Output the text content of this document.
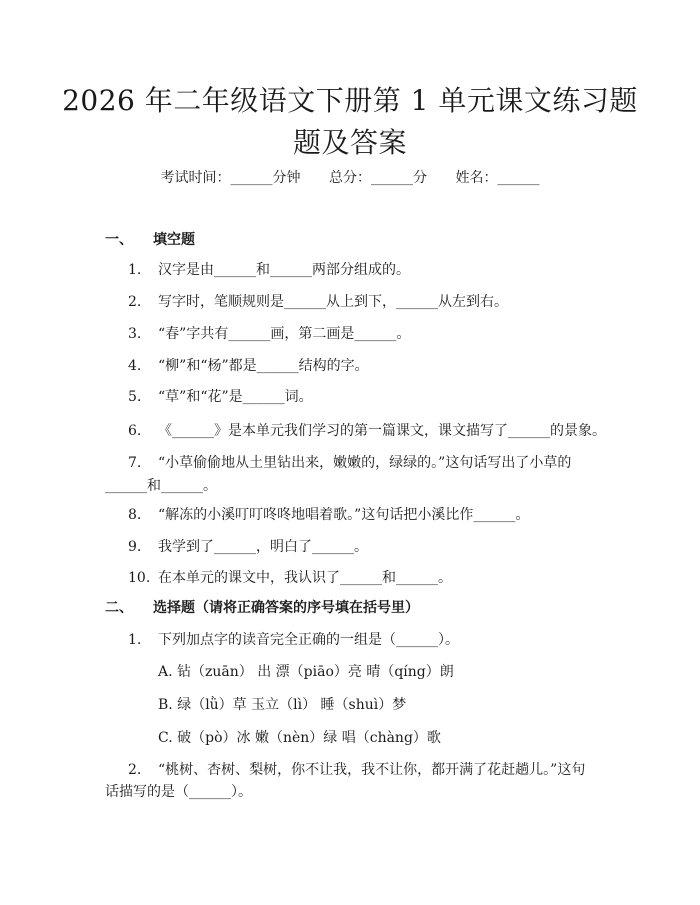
2026 年二年级语文下册第 1 单元课文练习题
题及答案
考试时间：______分钟 总分：______分 姓名：______
一、 填空题
1. 汉字是由______和______两部分组成的。
2. 写字时，笔顺规则是______从上到下，______从左到右。
3. “春”字共有______画，第二画是______。
4. “柳”和“杨”都是______结构的字。
5. “草”和“花”是______词。
6. 《______》是本单元我们学习的第一篇课文，课文描写了______的景象。
7. “小草偷偷地从土里钻出来，嫩嫩的，绿绿的。”这句话写出了小草的
______和______。
8. “解冻的小溪叮叮咚咚地唱着歌。”这句话把小溪比作______。
9. 我学到了______，明白了______。
10. 在本单元的课文中，我认识了______和______。
二、 选择题（请将正确答案的序号填在括号里）
1. 下列加点字的读音完全正确的一组是（______）。
A. 钻（zuān） 出 漂（piāo）亮 晴（qíng）朗
B. 绿（lǜ）草 玉立（lì） 睡（shuì）梦
C. 破（pò）冰 嫩（nèn）绿 唱（chàng）歌
2. “桃树、杏树、梨树，你不让我，我不让你，都开满了花赶趟儿。”这句
话描写的是（______）。
